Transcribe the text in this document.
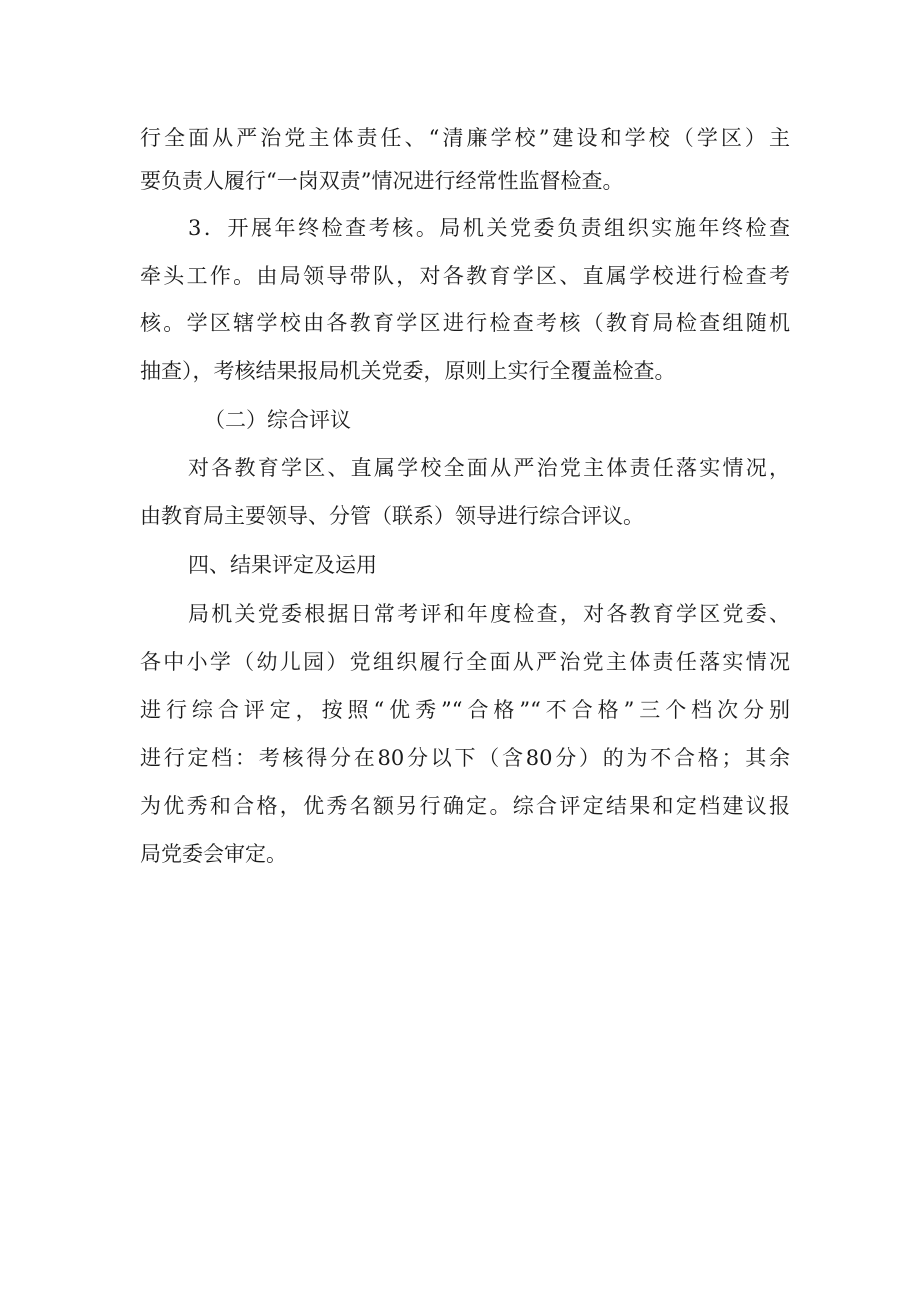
行全面从严治党主体责任、“清廉学校”建设和学校（学区）主
要负责人履行“一岗双责”情况进行经常性监督检查。
3．开展年终检查考核。局机关党委负责组织实施年终检查
牵头工作。由局领导带队，对各教育学区、直属学校进行检查考
核。学区辖学校由各教育学区进行检查考核（教育局检查组随机
抽查），考核结果报局机关党委，原则上实行全覆盖检查。
（二）综合评议
对各教育学区、直属学校全面从严治党主体责任落实情况，
由教育局主要领导、分管（联系）领导进行综合评议。
四、结果评定及运用
局机关党委根据日常考评和年度检查，对各教育学区党委、
各中小学（幼儿园）党组织履行全面从严治党主体责任落实情况
进行综合评定，按照“优秀”“合格”“不合格”三个档次分别
进行定档：考核得分在80分以下（含80分）的为不合格；其余
为优秀和合格，优秀名额另行确定。综合评定结果和定档建议报
局党委会审定。
